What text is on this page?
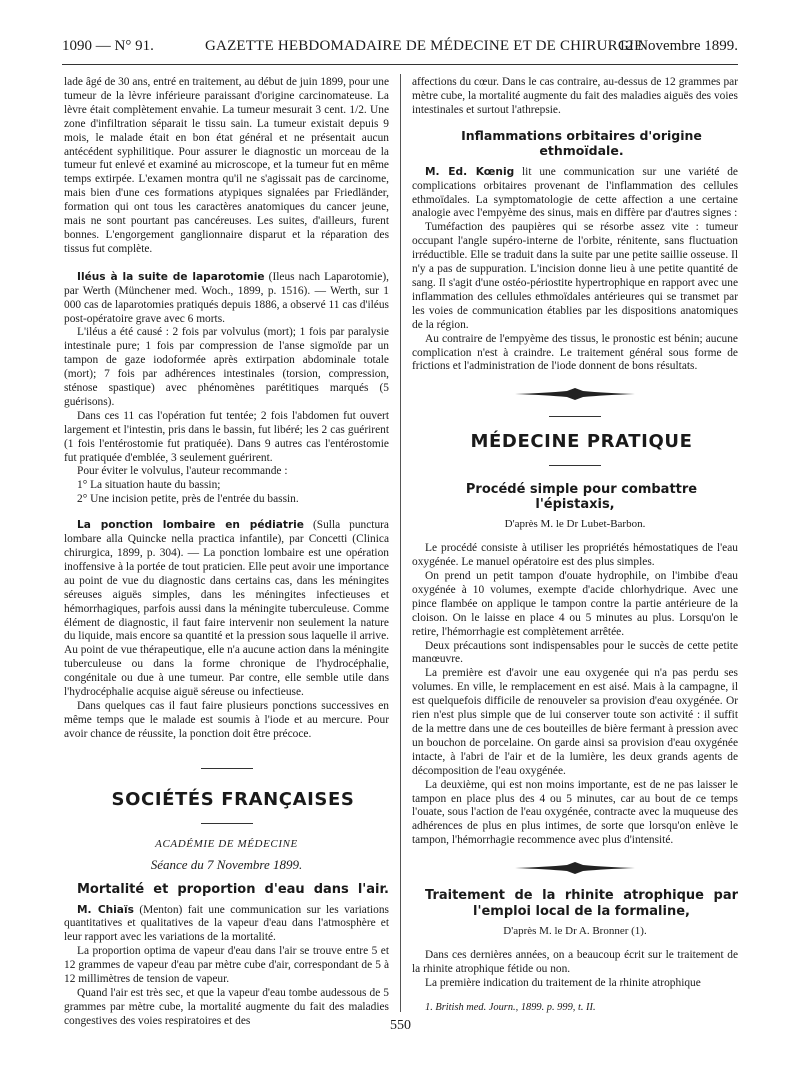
1090 — N° 91.	GAZETTE HEBDOMADAIRE DE MÉDECINE ET DE CHIRURGIE
12 Novembre 1899.

lade âgé de 30 ans, entré en traitement, au début de juin 1899, pour une tumeur de la lèvre inférieure paraissant d'origine carcinomateuse. La lèvre était complètement envahie. La tumeur mesurait 3 cent. 1/2. Une zone d'infiltration séparait le tissu sain. La tumeur existait depuis 9 mois, le malade était en bon état général et ne présentait aucun antécédent syphilitique. Pour assurer le diagnostic un morceau de la tumeur fut enlevé et examiné au microscope, et la tumeur fut en même temps extirpée. L'examen montra qu'il ne s'agissait pas de carcinome, mais bien d'une ces formations atypiques signalées par Friedländer, formation qui ont tous les caractères anatomiques du cancer jeune, mais ne sont pourtant pas cancéreuses. Les suites, d'ailleurs, furent bonnes. L'engorgement ganglionnaire disparut et la réparation des tissus fut complète.

Iléus à la suite de laparotomie (Ileus nach Laparotomie), par Werth (Münchener med. Woch., 1899, p. 1516). — Werth, sur 1 000 cas de laparotomies pratiqués depuis 1886, a observé 11 cas d'iléus post-opératoire grave avec 6 morts.

L'iléus a été causé : 2 fois par volvulus (mort); 1 fois par paralysie intestinale pure; 1 fois par compression de l'anse sigmoïde par un tampon de gaze iodoformée après extirpation abdominale totale (mort); 7 fois par adhérences intestinales (torsion, compression, sténose spastique) avec phénomènes parétitiques marqués (5 guérisons).

Dans ces 11 cas l'opération fut tentée; 2 fois l'abdomen fut ouvert largement et l'intestin, pris dans le bassin, fut libéré; les 2 cas guérirent (1 fois l'entérostomie fut pratiquée). Dans 9 autres cas l'entérostomie fut pratiquée d'emblée, 3 seulement guérirent.

Pour éviter le volvulus, l'auteur recommande :

1° La situation haute du bassin;

2° Une incision petite, près de l'entrée du bassin.

La ponction lombaire en pédiatrie (Sulla punctura lombare alla Quincke nella practica infantile), par Concetti (Clinica chirurgica, 1899, p. 304). — La ponction lombaire est une opération inoffensive à la portée de tout praticien. Elle peut avoir une importance au point de vue du diagnostic dans certains cas, dans les méningites séreuses aiguës simples, dans les méningites infectieuses et hémorrhagiques, parfois aussi dans la méningite tuberculeuse. Comme élément de diagnostic, il faut faire intervenir non seulement la nature du liquide, mais encore sa quantité et la pression sous laquelle il arrive. Au point de vue thérapeutique, elle n'a aucune action dans la méningite tuberculeuse ou dans la forme chronique de l'hydrocéphalie, congénitale ou due à une tumeur. Par contre, elle semble utile dans l'hydrocéphalie acquise aiguë séreuse ou infectieuse.

Dans quelques cas il faut faire plusieurs ponctions successives en même temps que le malade est soumis à l'iode et au mercure. Pour avoir chance de réussite, la ponction doit être précoce.

SOCIÉTÉS FRANÇAISES

ACADÉMIE DE MÉDECINE

Séance du 7 Novembre 1899.

Mortalité et proportion d'eau dans l'air.

M. Chiaïs (Menton) fait une communication sur les variations quantitatives et qualitatives de la vapeur d'eau dans l'atmosphère et leur rapport avec les variations de la mortalité.

La proportion optima de vapeur d'eau dans l'air se trouve entre 5 et 12 grammes de vapeur d'eau par mètre cube d'air, correspondant de 5 à 12 millimètres de tension de vapeur.

Quand l'air est très sec, et que la vapeur d'eau tombe audessous de 5 grammes par mètre cube, la mortalité augmente du fait des maladies congestives des voies respiratoires et des

affections du cœur. Dans le cas contraire, au-dessus de 12 grammes par mètre cube, la mortalité augmente du fait des maladies aiguës des voies intestinales et surtout l'athrepsie.

Inflammations orbitaires d'origine

ethmoïdale.

M. Ed. Kœnig lit une communication sur une variété de complications orbitaires provenant de l'inflammation des cellules ethmoïdales. La symptomatologie de cette affection a une certaine analogie avec l'empyème des sinus, mais en diffère par d'autres signes :

Tuméfaction des paupières qui se résorbe assez vite : tumeur occupant l'angle supéro-interne de l'orbite, rénitente, sans fluctuation irréductible. Elle se traduit dans la suite par une petite saillie osseuse. Il n'y a pas de suppuration. L'incision donne lieu à une petite quantité de sang. Il s'agit d'une ostéo-périostite hypertrophique en rapport avec une inflammation des cellules ethmoïdales antérieures qui se transmet par les voies de communication établies par les dispositions anatomiques de la région.

Au contraire de l'empyème des tissus, le pronostic est bénin; aucune complication n'est à craindre. Le traitement général sous forme de frictions et l'administration de l'iode donnent de bons résultats.

MÉDECINE PRATIQUE

Procédé simple pour combattre l'épistaxis,

D'après M. le Dr Lubet-Barbon.

Le procédé consiste à utiliser les propriétés hémostatiques de l'eau oxygénée. Le manuel opératoire est des plus simples.

On prend un petit tampon d'ouate hydrophile, on l'imbibe d'eau oxygénée à 10 volumes, exempte d'acide chlorhydrique. Avec une pince flambée on applique le tampon contre la partie antérieure de la cloison. On le laisse en place 4 ou 5 minutes au plus. Lorsqu'on le retire, l'hémorrhagie est complètement arrêtée.

Deux précautions sont indispensables pour le succès de cette petite manœuvre.

La première est d'avoir une eau oxygenée qui n'a pas perdu ses volumes. En ville, le remplacement en est aisé. Mais à la campagne, il est quelquefois difficile de renouveler sa provision d'eau oxygénée. Or rien n'est plus simple que de lui conserver toute son activité : il suffit de la mettre dans une de ces bouteilles de bière fermant à pression avec un bouchon de porcelaine. On garde ainsi sa provision d'eau oxygénée intacte, à l'abri de l'air et de la lumière, les deux grands agents de décomposition de l'eau oxygénée.

La deuxième, qui est non moins importante, est de ne pas laisser le tampon en place plus des 4 ou 5 minutes, car au bout de ce temps l'ouate, sous l'action de l'eau oxygénée, contracte avec la muqueuse des adhérences de plus en plus intimes, de sorte que lorsqu'on enlève le tampon, l'hémorrhagie recommence avec plus d'intensité.

Traitement de la rhinite atrophique par

l'emploi local de la formaline,

D'après M. le Dr A. Bronner (1).

Dans ces dernières années, on a beaucoup écrit sur le traitement de la rhinite atrophique fétide ou non.

La première indication du traitement de la rhinite atrophique

1. British med. Journ., 1899. p. 999, t. II.

550
